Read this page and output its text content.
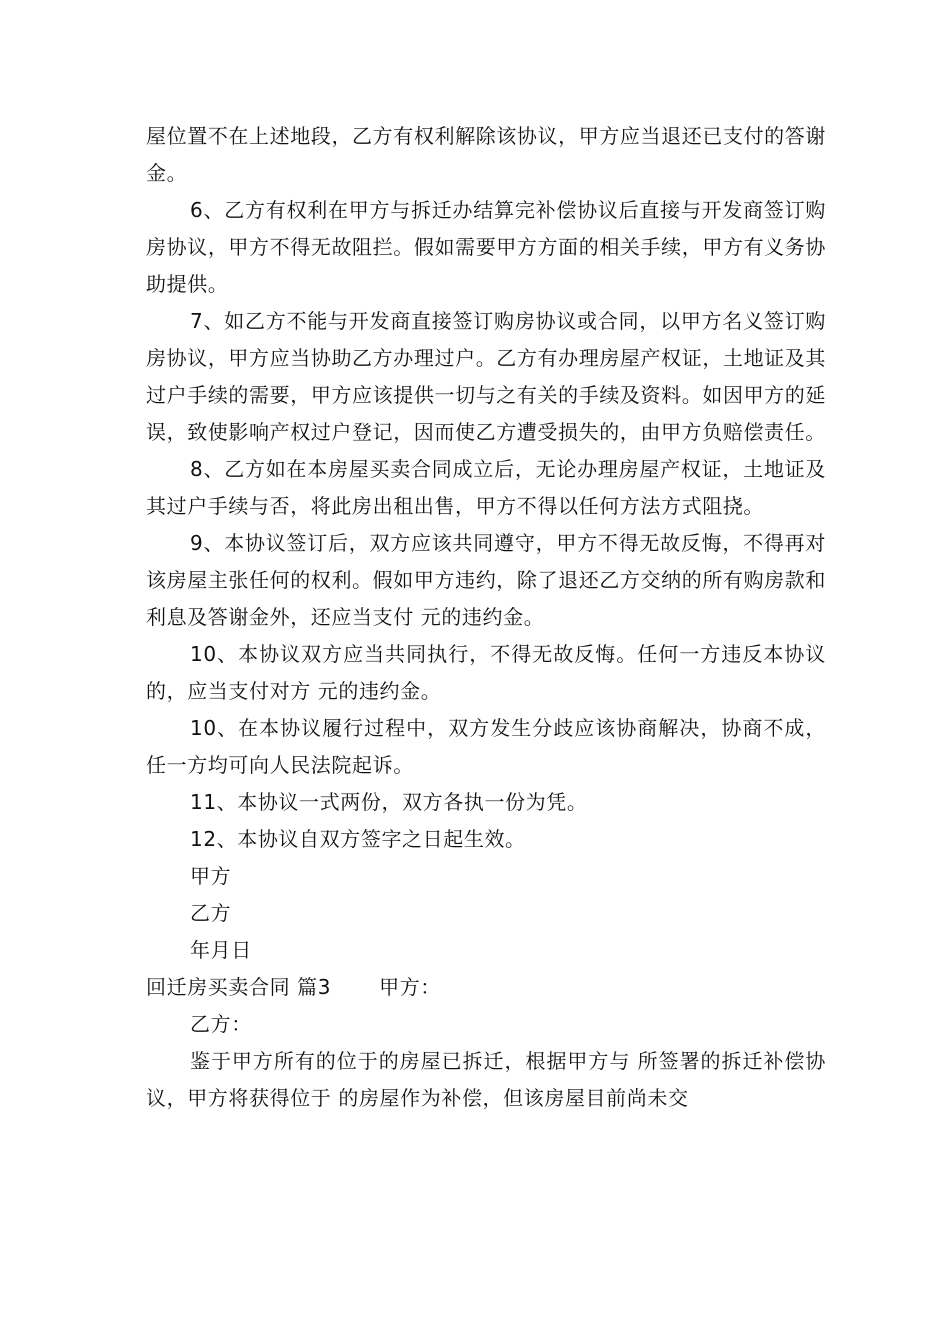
屋位置不在上述地段，乙方有权利解除该协议，甲方应当退还已支付的答谢金。

6、乙方有权利在甲方与拆迁办结算完补偿协议后直接与开发商签订购房协议，甲方不得无故阻拦。假如需要甲方方面的相关手续，甲方有义务协助提供。

7、如乙方不能与开发商直接签订购房协议或合同，以甲方名义签订购房协议，甲方应当协助乙方办理过户。乙方有办理房屋产权证，土地证及其过户手续的需要，甲方应该提供一切与之有关的手续及资料。如因甲方的延误，致使影响产权过户登记，因而使乙方遭受损失的，由甲方负赔偿责任。

8、乙方如在本房屋买卖合同成立后，无论办理房屋产权证，土地证及其过户手续与否，将此房出租出售，甲方不得以任何方法方式阻挠。

9、本协议签订后，双方应该共同遵守，甲方不得无故反悔，不得再对该房屋主张任何的权利。假如甲方违约，除了退还乙方交纳的所有购房款和利息及答谢金外，还应当支付 元的违约金。

10、本协议双方应当共同执行，不得无故反悔。任何一方违反本协议的，应当支付对方 元的违约金。

10、在本协议履行过程中，双方发生分歧应该协商解决，协商不成，任一方均可向人民法院起诉。

11、本协议一式两份，双方各执一份为凭。

12、本协议自双方签字之日起生效。

甲方

乙方

年月日

回迁房买卖合同 篇3 甲方：

乙方：

鉴于甲方所有的位于的房屋已拆迁，根据甲方与 所签署的拆迁补偿协议，甲方将获得位于 的房屋作为补偿，但该房屋目前尚未交
